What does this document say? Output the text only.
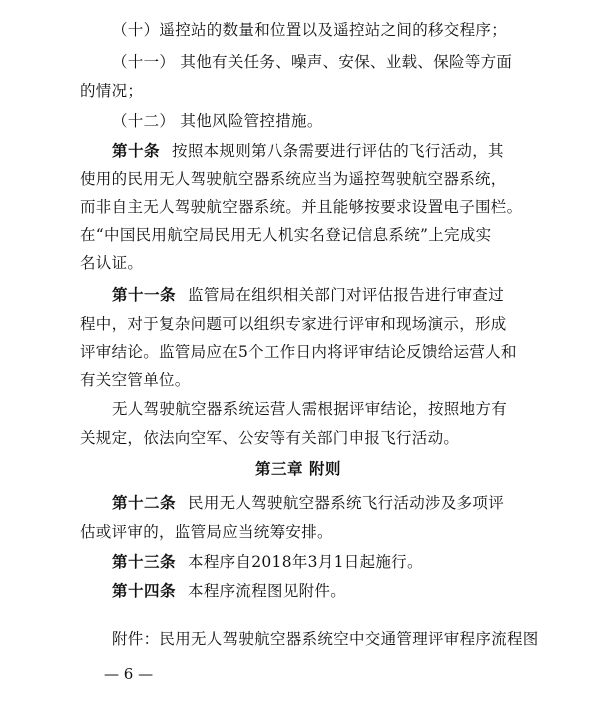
（十）遥控站的数量和位置以及遥控站之间的移交程序；
（十一） 其他有关任务、噪声、安保、业载、保险等方面
的情况；
（十二） 其他风险管控措施。
第十条 按照本规则第八条需要进行评估的飞行活动，其
使用的民用无人驾驶航空器系统应当为遥控驾驶航空器系统，
而非自主无人驾驶航空器系统。并且能够按要求设置电子围栏。
在“中国民用航空局民用无人机实名登记信息系统”上完成实
名认证。
第十一条 监管局在组织相关部门对评估报告进行审查过
程中，对于复杂问题可以组织专家进行评审和现场演示，形成
评审结论。监管局应在5个工作日内将评审结论反馈给运营人和
有关空管单位。
无人驾驶航空器系统运营人需根据评审结论，按照地方有
关规定，依法向空军、公安等有关部门申报飞行活动。
第三章 附则
第十二条 民用无人驾驶航空器系统飞行活动涉及多项评
估或评审的，监管局应当统筹安排。
第十三条 本程序自2018年3月1日起施行。
第十四条 本程序流程图见附件。
附件：民用无人驾驶航空器系统空中交通管理评审程序流程图
— 6 —
